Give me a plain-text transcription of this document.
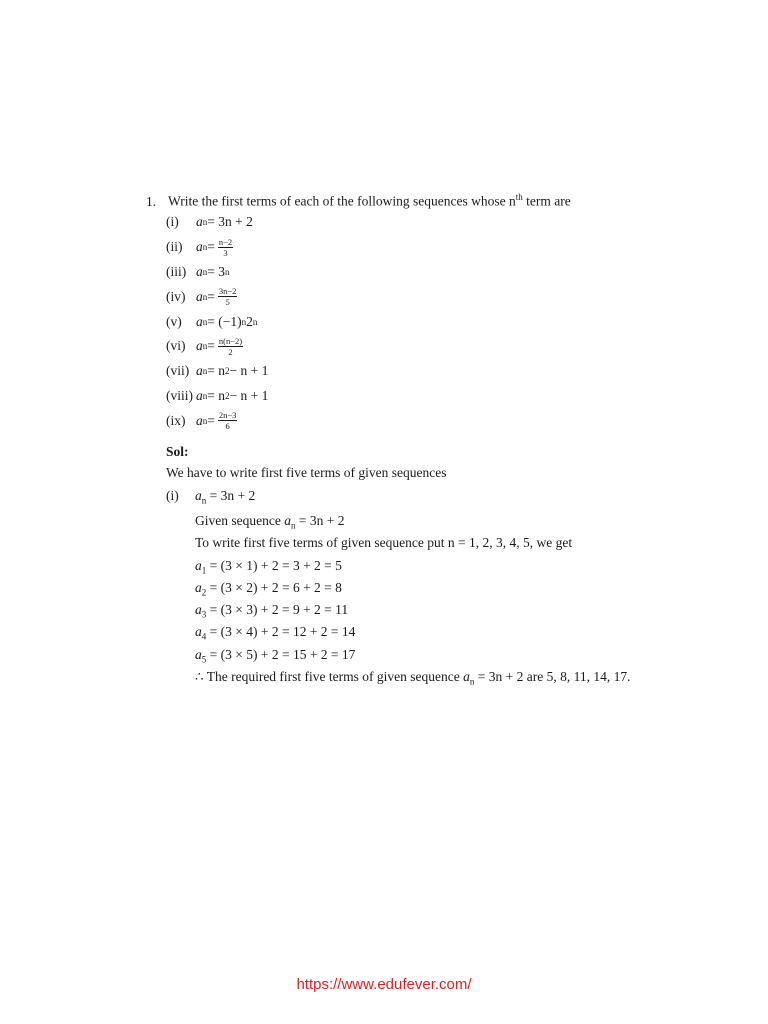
1. Write the first terms of each of the following sequences whose $n^{th}$ term are
(i)	a n = 3n + 2
(ii)	a $n = \frac{n-2}{3}$
(iii) a n = 3 n
(iv) a $n = \frac{3n-2}{5}$
(v)	a n = (−1) n 2 n
(vi) a $n = \frac{n(n-2)}{2}$
(vii) a n = n 2 − n + 1
(viii) a n = n 2 − n + 1
(ix) a $n = \frac{2n-3}{6}$
Sol:
We have to write first five terms of given sequences
(i) $a_n = 3n + 2$
Given sequence $a_n = 3n + 2$
To write first five terms of given sequence put n = 1, 2, 3, 4, 5, we get
$a_1 = (3 \times 1) + 2 = 3 + 2 = 5$
$a_2 = (3 \times 2) + 2 = 6 + 2 = 8$
$a_3 = (3 \times 3) + 2 = 9 + 2 = 11$
$a_4 = (3 \times 4) + 2 = 12 + 2 = 14$
$a_5 = (3 \times 5) + 2 = 15 + 2 = 17$
∴ The required first five terms of given sequence $a_n = 3n + 2$ are 5, 8, 11, 14, 17.
https://www.edufever.com/
